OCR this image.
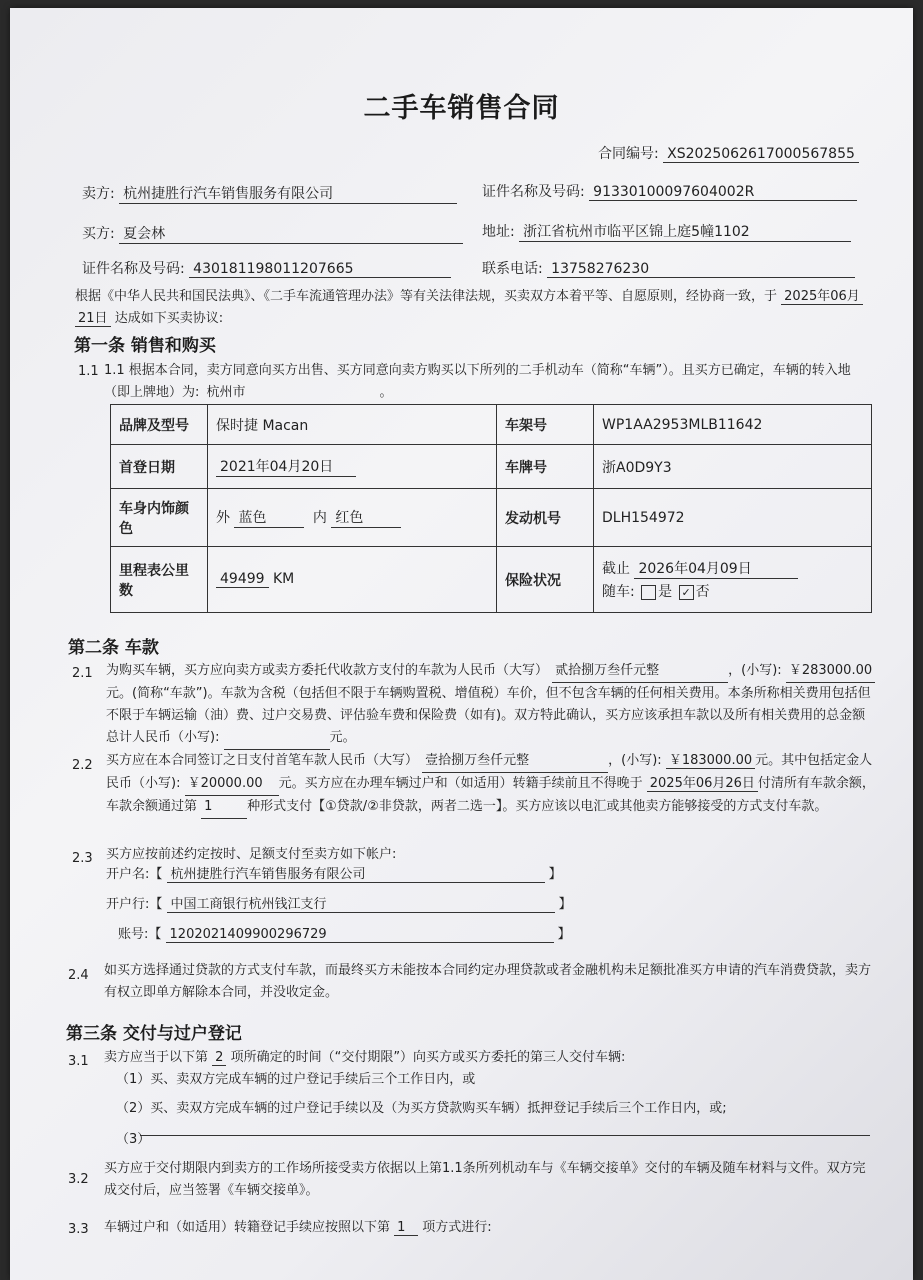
二手车销售合同
合同编号: XS2025062617000567855
卖方: 杭州捷胜行汽车销售服务有限公司	证件名称及号码: 91330100097604002R
买方: 夏会林	地址: 浙江省杭州市临平区锦上庭5幢1102
证件名称及号码: 430181198011207665	联系电话: 13758276230
根据《中华人民共和国民法典》、《二手车流通管理办法》等有关法律法规，买卖双方本着平等、自愿原则，经协商一致，于 2025年06月 21日 达成如下买卖协议:
第一条 销售和购买
1.1 1.1 根据本合同，卖方同意向买方出售、买方同意向卖方购买以下所列的二手机动车（简称“车辆”）。且买方已确定，车辆的转入地（即上牌地）为: 杭州市	。
品牌及型号	保时捷 Macan	车架号	WP1AA2953MLB11642
首登日期	2021年04月20日	车牌号	浙A0D9Y3
车身内饰颜色	外 蓝色 内 红色	发动机号	DLH154972
里程表公里数	49499 KM	保险状况	截止 2026年04月09日
随车: 是 ✓ 否
第二条 车款
2.1 为购买车辆，买方应向卖方或卖方委托代收款方支付的车款为人民币（大写） 贰拾捌万叁仟元整	，(小写): ￥283000.00元。(简称“车款”)。车款为含税（包括但不限于车辆购置税、增值税）车价，但不包含车辆的任何相关费用。本条所称相关费用包括但不限于车辆运输（油）费、过户交易费、评估验车费和保险费（如有)。双方特此确认，买方应该承担车款以及所有相关费用的总金额总计人民币（小写):	元。
2.2 买方应在本合同签订之日支付首笔车款人民币（大写） 壹拾捌万叁仟元整	，(小写): ￥183000.00 元。其中包括定金人民币（小写): ￥20000.00 元。买方应在办理车辆过户和（如适用）转籍手续前且不得晚于 2025年06月26日 付清所有车款余额，车款余额通过第 1	种形式支付【①贷款/②非贷款，两者二选一】。买方应该以电汇或其他卖方能够接受的方式支付车款。
2.3 买方应按前述约定按时、足额支付至卖方如下帐户:
开户名:【 杭州捷胜行汽车销售服务有限公司	】
开户行:【 中国工商银行杭州钱江支行	】
账号:【 1202021409900296729	】
2.4 如买方选择通过贷款的方式支付车款，而最终买方未能按本合同约定办理贷款或者金融机构未足额批准买方申请的汽车消费贷款，卖方有权立即单方解除本合同，并没收定金。
第三条 交付与过户登记
3.1 卖方应当于以下第 2 项所确定的时间（“交付期限”）向买方或买方委托的第三人交付车辆:
（1）买、卖双方完成车辆的过户登记手续后三个工作日内，或
（2）买、卖双方完成车辆的过户登记手续以及（为买方贷款购买车辆）抵押登记手续后三个工作日内，或;
（3）
3.2
买方应于交付期限内到卖方的工作场所接受卖方依据以上第1.1条所列机动车与《车辆交接单》交付的车辆及随车材料与文件。双方完成交付后，应当签署《车辆交接单》。
3.3 车辆过户和（如适用）转籍登记手续应按照以下第 1 项方式进行:
